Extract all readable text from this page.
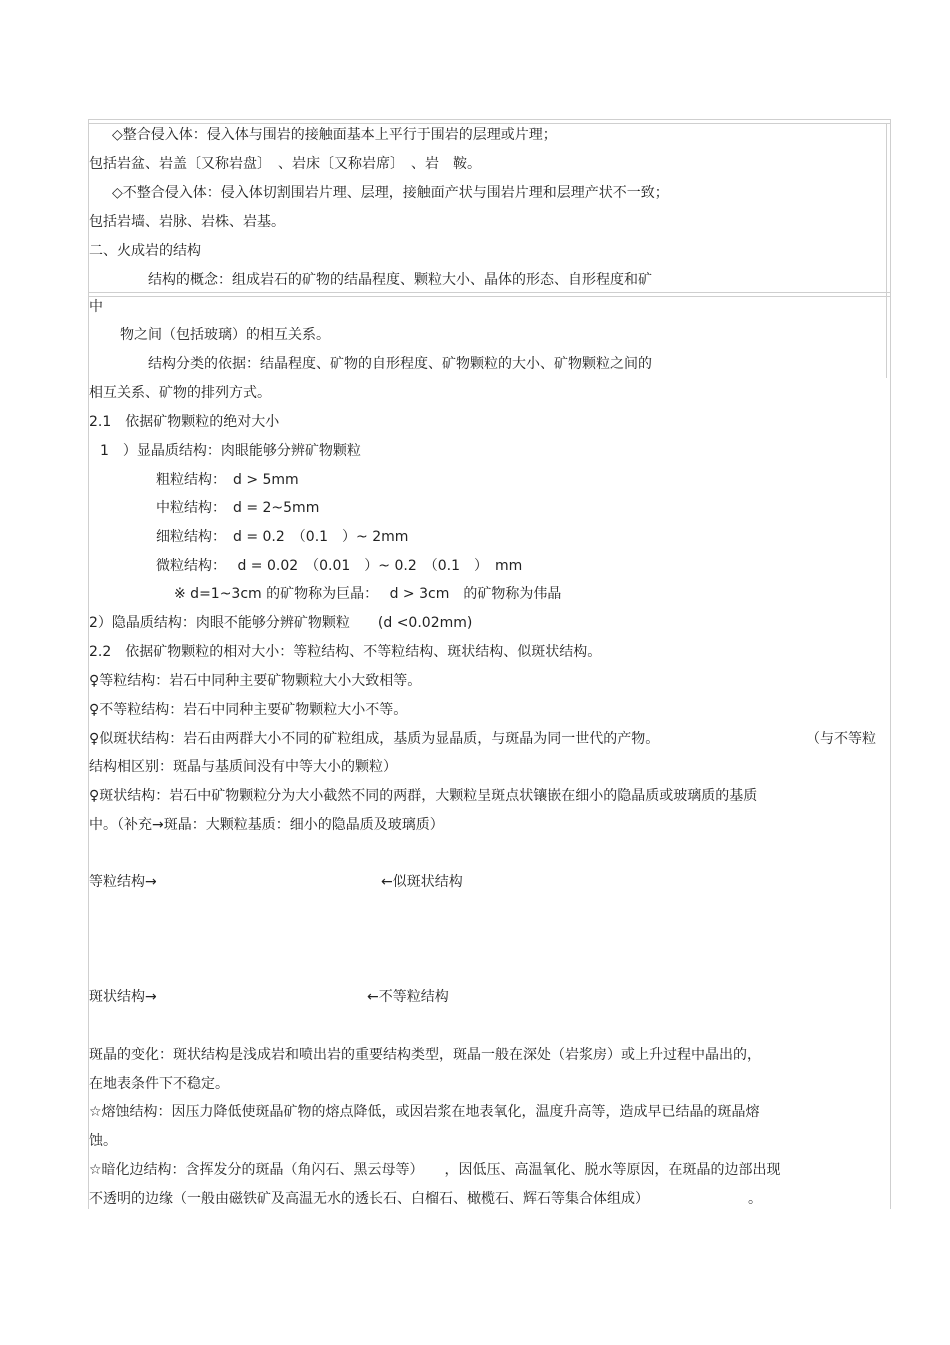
◇整合侵入体：侵入体与围岩的接触面基本上平行于围岩的层理或片理；
包括岩盆、岩盖〔又称岩盘〕　、岩床〔又称岩席〕　、岩　鞍。
◇不整合侵入体：侵入体切割围岩片理、层理，接触面产状与围岩片理和层理产状不一致；
包括岩墙、岩脉、岩株、岩基。
二、火成岩的结构
结构的概念：组成岩石的矿物的结晶程度、颗粒大小、晶体的形态、自形程度和矿
中
物之间（包括玻璃）的相互关系。
结构分类的依据：结晶程度、矿物的自形程度、矿物颗粒的大小、矿物颗粒之间的
相互关系、矿物的排列方式。
2.1　依据矿物颗粒的绝对大小
1　）显晶质结构：肉眼能够分辨矿物颗粒
粗粒结构：　d > 5mm
中粒结构：　d = 2~5mm
细粒结构：　d = 0.2　（0.1　）~ 2mm
微粒结构：　 d = 0.02　（0.01　）~ 0.2　（0.1　）　mm
※ d=1~3cm 的矿物称为巨晶：　 d > 3cm　的矿物称为伟晶
2）隐晶质结构：肉眼不能够分辨矿物颗粒　　(d <0.02mm)
2.2　依据矿物颗粒的相对大小：等粒结构、不等粒结构、斑状结构、似斑状结构。
♀等粒结构：岩石中同种主要矿物颗粒大小大致相等。
♀不等粒结构：岩石中同种主要矿物颗粒大小不等。
♀似斑状结构：岩石由两群大小不同的矿粒组成，基质为显晶质，与斑晶为同一世代的产物。	（与不等粒
结构相区别：斑晶与基质间没有中等大小的颗粒）
♀斑状结构：岩石中矿物颗粒分为大小截然不同的两群，大颗粒呈斑点状镶嵌在细小的隐晶质或玻璃质的基质
中。（补充→斑晶：大颗粒基质：细小的隐晶质及玻璃质）
等粒结构→	←似斑状结构
斑状结构→	←不等粒结构
斑晶的变化：斑状结构是浅成岩和喷出岩的重要结构类型，斑晶一般在深处（岩浆房）或上升过程中晶出的，
在地表条件下不稳定。
☆熔蚀结构：因压力降低使斑晶矿物的熔点降低，或因岩浆在地表氧化，温度升高等，造成早已结晶的斑晶熔
蚀。
☆暗化边结构：含挥发分的斑晶（角闪石、黑云母等）　　，因低压、高温氧化、脱水等原因，在斑晶的边部出现
不透明的边缘（一般由磁铁矿及高温无水的透长石、白榴石、橄榄石、辉石等集合体组成）	。
